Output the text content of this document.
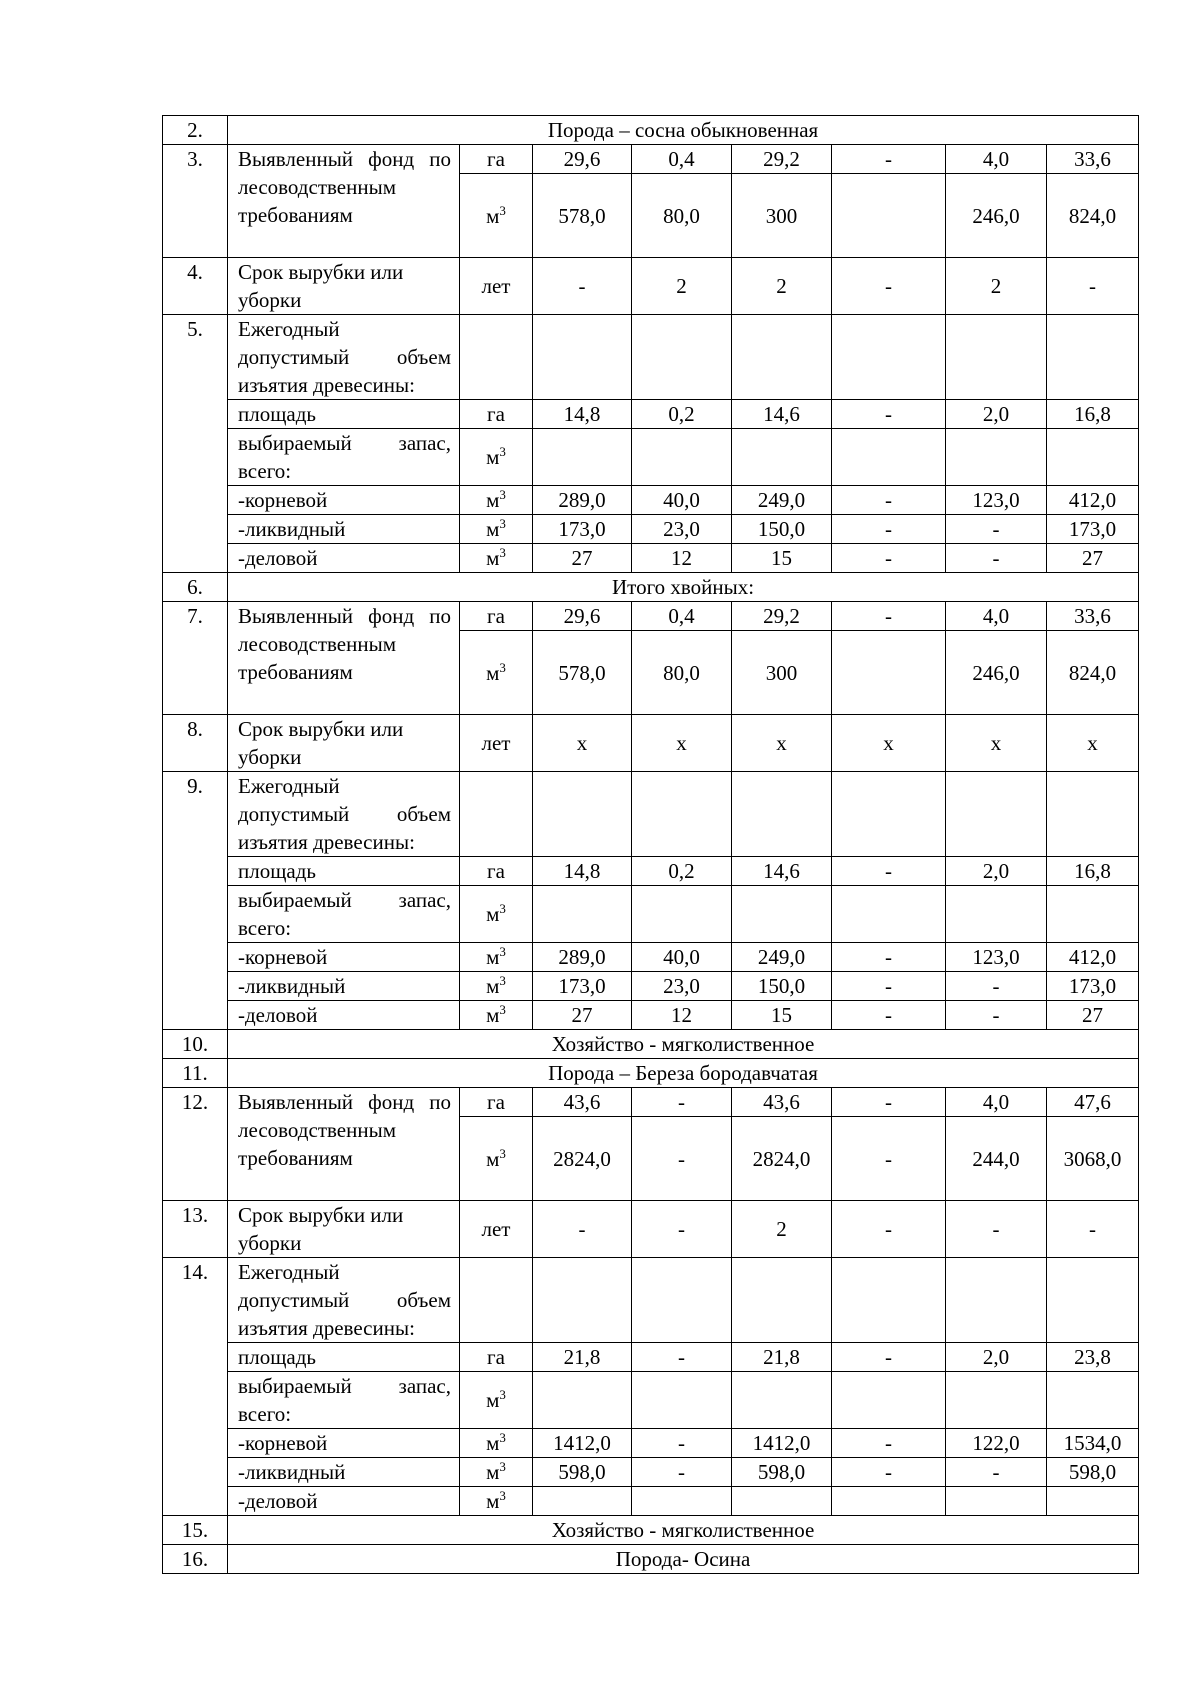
2.	Порода – сосна обыкновенная							
3.	Выявленный фонд по лесоводственным требованиям	га	29,6	0,4	29,2	-	4,0	33,6
		$м^3$	578,0	80,0	300		246,0	824,0
4.	Срок вырубки или уборки	лет	-	2	2	-	2	-
5.	Ежегодный допустимый объем изъятия древесины:							
	площадь	га	14,8	0,2	14,6	-	2,0	16,8
	выбираемый запас, всего:	$м^3$						
	-корневой	$м^3$	289,0	40,0	249,0	-	123,0	412,0
	-ликвидный	$м^3$	173,0	23,0	150,0	-	-	173,0
	-деловой	$м^3$	27	12	15	-	-	27
6.	Итого хвойных:							
7.	Выявленный фонд по лесоводственным требованиям	га	29,6	0,4	29,2	-	4,0	33,6
		$м^3$	578,0	80,0	300		246,0	824,0
8.	Срок вырубки или уборки	лет	x	x	x	x	x	x
9.	Ежегодный допустимый объем изъятия древесины:							
	площадь	га	14,8	0,2	14,6	-	2,0	16,8
	выбираемый запас, всего:	$м^3$						
	-корневой	$м^3$	289,0	40,0	249,0	-	123,0	412,0
	-ликвидный	$м^3$	173,0	23,0	150,0	-	-	173,0
	-деловой	$м^3$	27	12	15	-	-	27
10.	Хозяйство - мягколиственное							
11.	Порода – Береза бородавчатая							
12.	Выявленный фонд по лесоводственным требованиям	га	43,6	-	43,6	-	4,0	47,6
		$м^3$	2824,0	-	2824,0	-	244,0	3068,0
13.	Срок вырубки или уборки	лет	-	-	2	-	-	-
14.	Ежегодный допустимый объем изъятия древесины:							
	площадь	га	21,8	-	21,8	-	2,0	23,8
	выбираемый запас, всего:	$м^3$						
	-корневой	$м^3$	1412,0	-	1412,0	-	122,0	1534,0
	-ликвидный	$м^3$	598,0	-	598,0	-	-	598,0
	-деловой	$м^3$						
15.	Хозяйство - мягколиственное							
16.	Порода- Осина							
